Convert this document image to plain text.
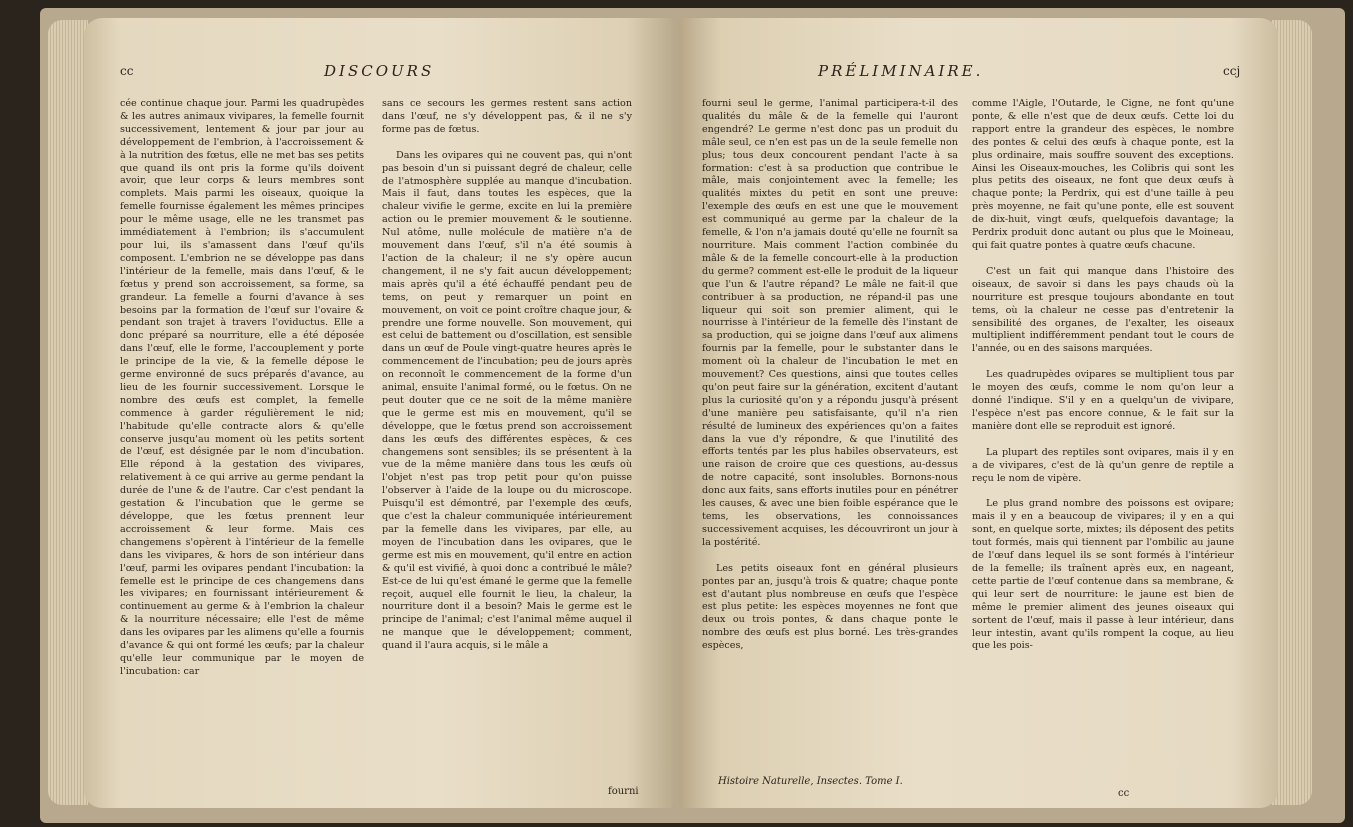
cc	DISCOURS

cée continue chaque jour. Parmi les quadrupèdes & les autres animaux vivipares, la femelle fournit successivement, lentement & jour par jour au développement de l'embrion, à l'accroissement & à la nutrition des fœtus, elle ne met bas ses petits que quand ils ont pris la forme qu'ils doivent avoir, que leur corps & leurs membres sont complets. Mais parmi les oiseaux, quoique la femelle fournisse également les mêmes principes pour le même usage, elle ne les transmet pas immédiatement à l'embrion; ils s'accumulent pour lui, ils s'amassent dans l'œuf qu'ils composent. L'embrion ne se développe pas dans l'intérieur de la femelle, mais dans l'œuf, & le fœtus y prend son accroissement, sa forme, sa grandeur. La femelle a fourni d'avance à ses besoins par la formation de l'œuf sur l'ovaire & pendant son trajet à travers l'oviductus. Elle a donc préparé sa nourriture, elle a été déposée dans l'œuf, elle le forme, l'accouplement y porte le principe de la vie, & la femelle dépose le germe environné de sucs préparés d'avance, au lieu de les fournir successivement. Lorsque le nombre des œufs est complet, la femelle commence à garder régulièrement le nid; l'habitude qu'elle contracte alors & qu'elle conserve jusqu'au moment où les petits sortent de l'œuf, est désignée par le nom d'incubation. Elle répond à la gestation des vivipares, relativement à ce qui arrive au germe pendant la durée de l'une & de l'autre. Car c'est pendant la gestation & l'incubation que le germe se développe, que les fœtus prennent leur accroissement & leur forme. Mais ces changemens s'opèrent à l'intérieur de la femelle dans les vivipares, & hors de son intérieur dans l'œuf, parmi les ovipares pendant l'incubation: la femelle est le principe de ces changemens dans les vivipares; en fournissant intérieurement & continuement au germe & à l'embrion la chaleur & la nourriture nécessaire; elle l'est de même dans les ovipares par les alimens qu'elle a fournis d'avance & qui ont formé les œufs; par la chaleur qu'elle leur communique par le moyen de l'incubation: car

sans ce secours les germes restent sans action dans l'œuf, ne s'y développent pas, & il ne s'y forme pas de fœtus.

Dans les ovipares qui ne couvent pas, qui n'ont pas besoin d'un si puissant degré de chaleur, celle de l'atmosphère supplée au manque d'incubation. Mais il faut, dans toutes les espèces, que la chaleur vivifie le germe, excite en lui la première action ou le premier mouvement & le soutienne. Nul atôme, nulle molécule de matière n'a de mouvement dans l'œuf, s'il n'a été soumis à l'action de la chaleur; il ne s'y opère aucun changement, il ne s'y fait aucun développement; mais après qu'il a été échauffé pendant peu de tems, on peut y remarquer un point en mouvement, on voit ce point croître chaque jour, & prendre une forme nouvelle. Son mouvement, qui est celui de battement ou d'oscillation, est sensible dans un œuf de Poule vingt-quatre heures après le commencement de l'incubation; peu de jours après on reconnoît le commencement de la forme d'un animal, ensuite l'animal formé, ou le fœtus. On ne peut douter que ce ne soit de la même manière que le germe est mis en mouvement, qu'il se développe, que le fœtus prend son accroissement dans les œufs des différentes espèces, & ces changemens sont sensibles; ils se présentent à la vue de la même manière dans tous les œufs où l'objet n'est pas trop petit pour qu'on puisse l'observer à l'aide de la loupe ou du microscope. Puisqu'il est démontré, par l'exemple des œufs, que c'est la chaleur communiquée intérieurement par la femelle dans les vivipares, par elle, au moyen de l'incubation dans les ovipares, que le germe est mis en mouvement, qu'il entre en action & qu'il est vivifié, à quoi donc a contribué le mâle? Est-ce de lui qu'est émané le germe que la femelle reçoit, auquel elle fournit le lieu, la chaleur, la nourriture dont il a besoin? Mais le germe est le principe de l'animal; c'est l'animal même auquel il ne manque que le développement; comment, quand il l'aura acquis, si le mâle a

fourni
PRÉLIMINAIRE.	ccj

fourni seul le germe, l'animal participera-t-il des qualités du mâle & de la femelle qui l'auront engendré? Le germe n'est donc pas un produit du mâle seul, ce n'en est pas un de la seule femelle non plus; tous deux concourent pendant l'acte à sa formation: c'est à sa production que contribue le mâle, mais conjointement avec la femelle; les qualités mixtes du petit en sont une preuve: l'exemple des œufs en est une que le mouvement est communiqué au germe par la chaleur de la femelle, & l'on n'a jamais douté qu'elle ne fournît sa nourriture. Mais comment l'action combinée du mâle & de la femelle concourt-elle à la production du germe? comment est-elle le produit de la liqueur que l'un & l'autre répand? Le mâle ne fait-il que contribuer à sa production, ne répand-il pas une liqueur qui soit son premier aliment, qui le nourrisse à l'intérieur de la femelle dès l'instant de sa production, qui se joigne dans l'œuf aux alimens fournis par la femelle, pour le substanter dans le moment où la chaleur de l'incubation le met en mouvement? Ces questions, ainsi que toutes celles qu'on peut faire sur la génération, excitent d'autant plus la curiosité qu'on y a répondu jusqu'à présent d'une manière peu satisfaisante, qu'il n'a rien résulté de lumineux des expériences qu'on a faites dans la vue d'y répondre, & que l'inutilité des efforts tentés par les plus habiles observateurs, est une raison de croire que ces questions, au-dessus de notre capacité, sont insolubles. Bornons-nous donc aux faits, sans efforts inutiles pour en pénétrer les causes, & avec une bien foible espérance que le tems, les observations, les connoissances successivement acquises, les découvriront un jour à la postérité.

Les petits oiseaux font en général plusieurs pontes par an, jusqu'à trois & quatre; chaque ponte est d'autant plus nombreuse en œufs que l'espèce est plus petite: les espèces moyennes ne font que deux ou trois pontes, & dans chaque ponte le nombre des œufs est plus borné. Les très-grandes espèces,

comme l'Aigle, l'Outarde, le Cigne, ne font qu'une ponte, & elle n'est que de deux œufs. Cette loi du rapport entre la grandeur des espèces, le nombre des pontes & celui des œufs à chaque ponte, est la plus ordinaire, mais souffre souvent des exceptions. Ainsi les Oiseaux-mouches, les Colibris qui sont les plus petits des oiseaux, ne font que deux œufs à chaque ponte; la Perdrix, qui est d'une taille à peu près moyenne, ne fait qu'une ponte, elle est souvent de dix-huit, vingt œufs, quelquefois davantage; la Perdrix produit donc autant ou plus que le Moineau, qui fait quatre pontes à quatre œufs chacune.

C'est un fait qui manque dans l'histoire des oiseaux, de savoir si dans les pays chauds où la nourriture est presque toujours abondante en tout tems, où la chaleur ne cesse pas d'entretenir la sensibilité des organes, de l'exalter, les oiseaux multiplient indifféremment pendant tout le cours de l'année, ou en des saisons marquées.

Les quadrupèdes ovipares se multiplient tous par le moyen des œufs, comme le nom qu'on leur a donné l'indique. S'il y en a quelqu'un de vivipare, l'espèce n'est pas encore connue, & le fait sur la manière dont elle se reproduit est ignoré.

La plupart des reptiles sont ovipares, mais il y en a de vivipares, c'est de là qu'un genre de reptile a reçu le nom de vipère.

Le plus grand nombre des poissons est ovipare; mais il y en a beaucoup de vivipares; il y en a qui sont, en quelque sorte, mixtes; ils déposent des petits tout formés, mais qui tiennent par l'ombilic au jaune de l'œuf dans lequel ils se sont formés à l'intérieur de la femelle; ils traînent après eux, en nageant, cette partie de l'œuf contenue dans sa membrane, & qui leur sert de nourriture: le jaune est bien de même le premier aliment des jeunes oiseaux qui sortent de l'œuf, mais il passe à leur intérieur, dans leur intestin, avant qu'ils rompent la coque, au lieu que les pois-

Histoire Naturelle, Insectes. Tome I.
cc
